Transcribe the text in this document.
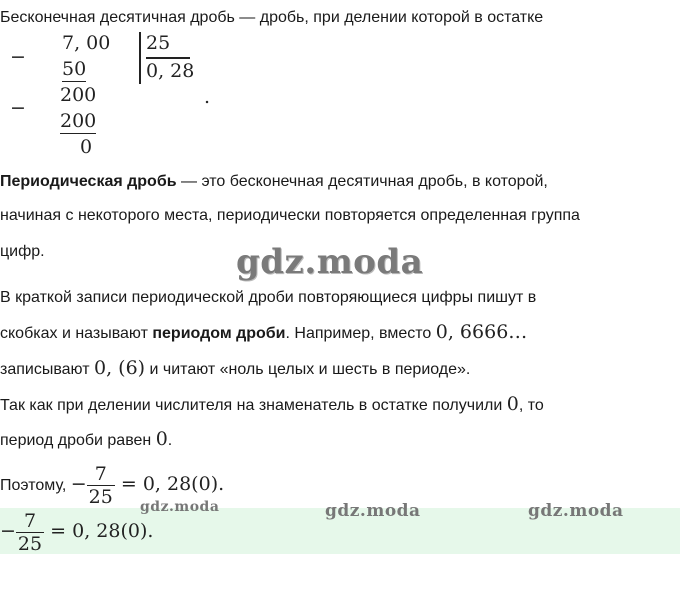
Бесконечная десятичная дробь — дробь, при делении которой в остатке
−
7, 00 25
50	0, 28
−
200
200
0
.
Периодическая дробь — это бесконечная десятичная дробь, в которой,
начиная с некоторого места, периодически повторяется определенная группа
цифр.	gdz.moda
В краткой записи периодической дроби повторяющиеся цифры пишут в
скобках и называют периодом дроби. Например, вместо 0, 6666…
записывают 0, (6) и читают «ноль целых и шесть в периоде».
Так как при делении числителя на знаменатель в остатке получили 0, то
период дроби равен 0.
Поэтому, − $\frac{7}{25} = 0$, 28(0).
− $\frac{7}{25} = 0$, 28(0).
gdz.moda	gdz.moda	gdz.moda
